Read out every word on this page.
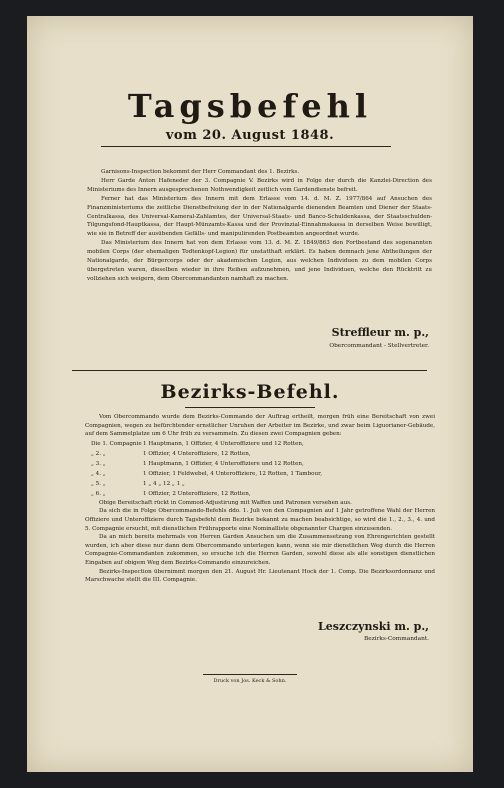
Tagsbefehl
vom 20. August 1848.

Garnisons-Inspection bekommt der Herr Commandant des 1. Bezirks.

Herr Garde Anton Hafeneder der 3. Compagnie V. Bezirks wird in Folge der durch die Kanzlei-Direction des Ministeriums des Innern ausgesprochenen Nothwendigkeit zeitlich vom Gardendienste befreit.

Ferner hat das Ministerium des Innern mit dem Erlasse vom 14. d. M. Z. 1977/864 auf Ansuchen des Finanzministeriums die zeitliche Dienstbefreiung der in der Nationalgarde dienenden Beamten und Diener der Staats-Centralkassa, des Universal-Kameral-Zahlamtes, der Universal-Staats- und Banco-Schuldenkassa, der Staatsschulden-Tilgungsfond-Hauptkassa, der Haupt-Münzamts-Kassa und der Provinzial-Einnahmskassa in derselben Weise bewilligt, wie sie in Betreff der ausübenden Gefälls- und manipulirenden Postbeamten angeordnet wurde.

Das Ministerium des Innern hat von dem Erlasse vom 13. d. M. Z. 1849/863 den Fortbestand des sogenannten mobilen Corps (der ehemaligen Todtenkopf-Legion) für unstatthaft erklärt. Es haben demnach jene Abtheilungen der Nationalgarde, der Bürgercorps oder der akademischen Legion, aus welchen Individuen zu dem mobilen Corps übergetreten waren, dieselben wieder in ihre Reihen aufzunehmen, und jene Individuen, welche den Rücktritt zu vollziehen sich weigern, dem Obercommandanten namhaft zu machen.

Streffleur m. p.,
Obercommandant - Stellvertreter.
Bezirks-Befehl.

Vom Obercommando wurde dem Bezirks-Commando der Auftrag ertheilt, morgen früh eine Bereitschaft von zwei Compagnien, wegen zu befürchtender ernstlicher Unruhen der Arbeiter im Bezirke, und zwar beim Liguorianer-Gebäude, auf dem Sammelplatze um 6 Uhr früh zu versammeln. Zu diesen zwei Compagnien geben:

Die 1. Compagnie 1 Hauptmann, 1 Offizier, 4 Unteroffiziere und 12 Rotten,
„ 2. „	1 Offizier, 4 Unteroffiziere, 12 Rotten,
„ 3. „	1 Hauptmann, 1 Offizier, 4 Unteroffiziere und 12 Rotten,
„ 4. „	1 Offizier, 1 Feldwebel, 4 Unteroffiziere, 12 Rotten, 1 Tambour,
„ 5. „	1 „ 4 „ 12 „ 1 „
„ 6. „	1 Offizier, 2 Unteroffiziere, 12 Rotten,

Obige Bereitschaft rückt in Commod-Adjustirung mit Waffen und Patronen versehen aus.

Da sich die in Folge Obercommando-Befehls ddo. 1. Juli von den Compagnien auf 1 Jahr getroffene Wahl der Herren Offiziere und Unteroffiziere durch Tagsbefehl dem Bezirke bekannt zu machen beabsichtige, so wird die 1., 2., 3., 4. und 5. Compagnie ersucht, mit dienstlichen Frührapporte eine Nominalliste obgenannter Chargen einzusenden.

Da an mich bereits mehrmals von Herren Garden Ansuchen um die Zusammensetzung von Ehrengerichten gestellt wurden, ich aber diese nur dann dem Obercommando unterlegen kann, wenn sie mir dienstlichen Weg durch die Herren Compagnie-Commandanten zukommen, so ersuche ich die Herren Garden, sowohl diese als alle sonstigen dienstlichen Eingaben auf obigem Weg dem Bezirks-Commando einzureichen.

Bezirks-Inspection übernimmt morgen den 21. August Hr. Lieutenant Hock der 1. Comp. Die Bezirksordonnanz und Marschwache stellt die III. Compagnie.

Leszczynski m. p.,
Bezirks-Commandant.
Druck von Jos. Keck & Sohn.
